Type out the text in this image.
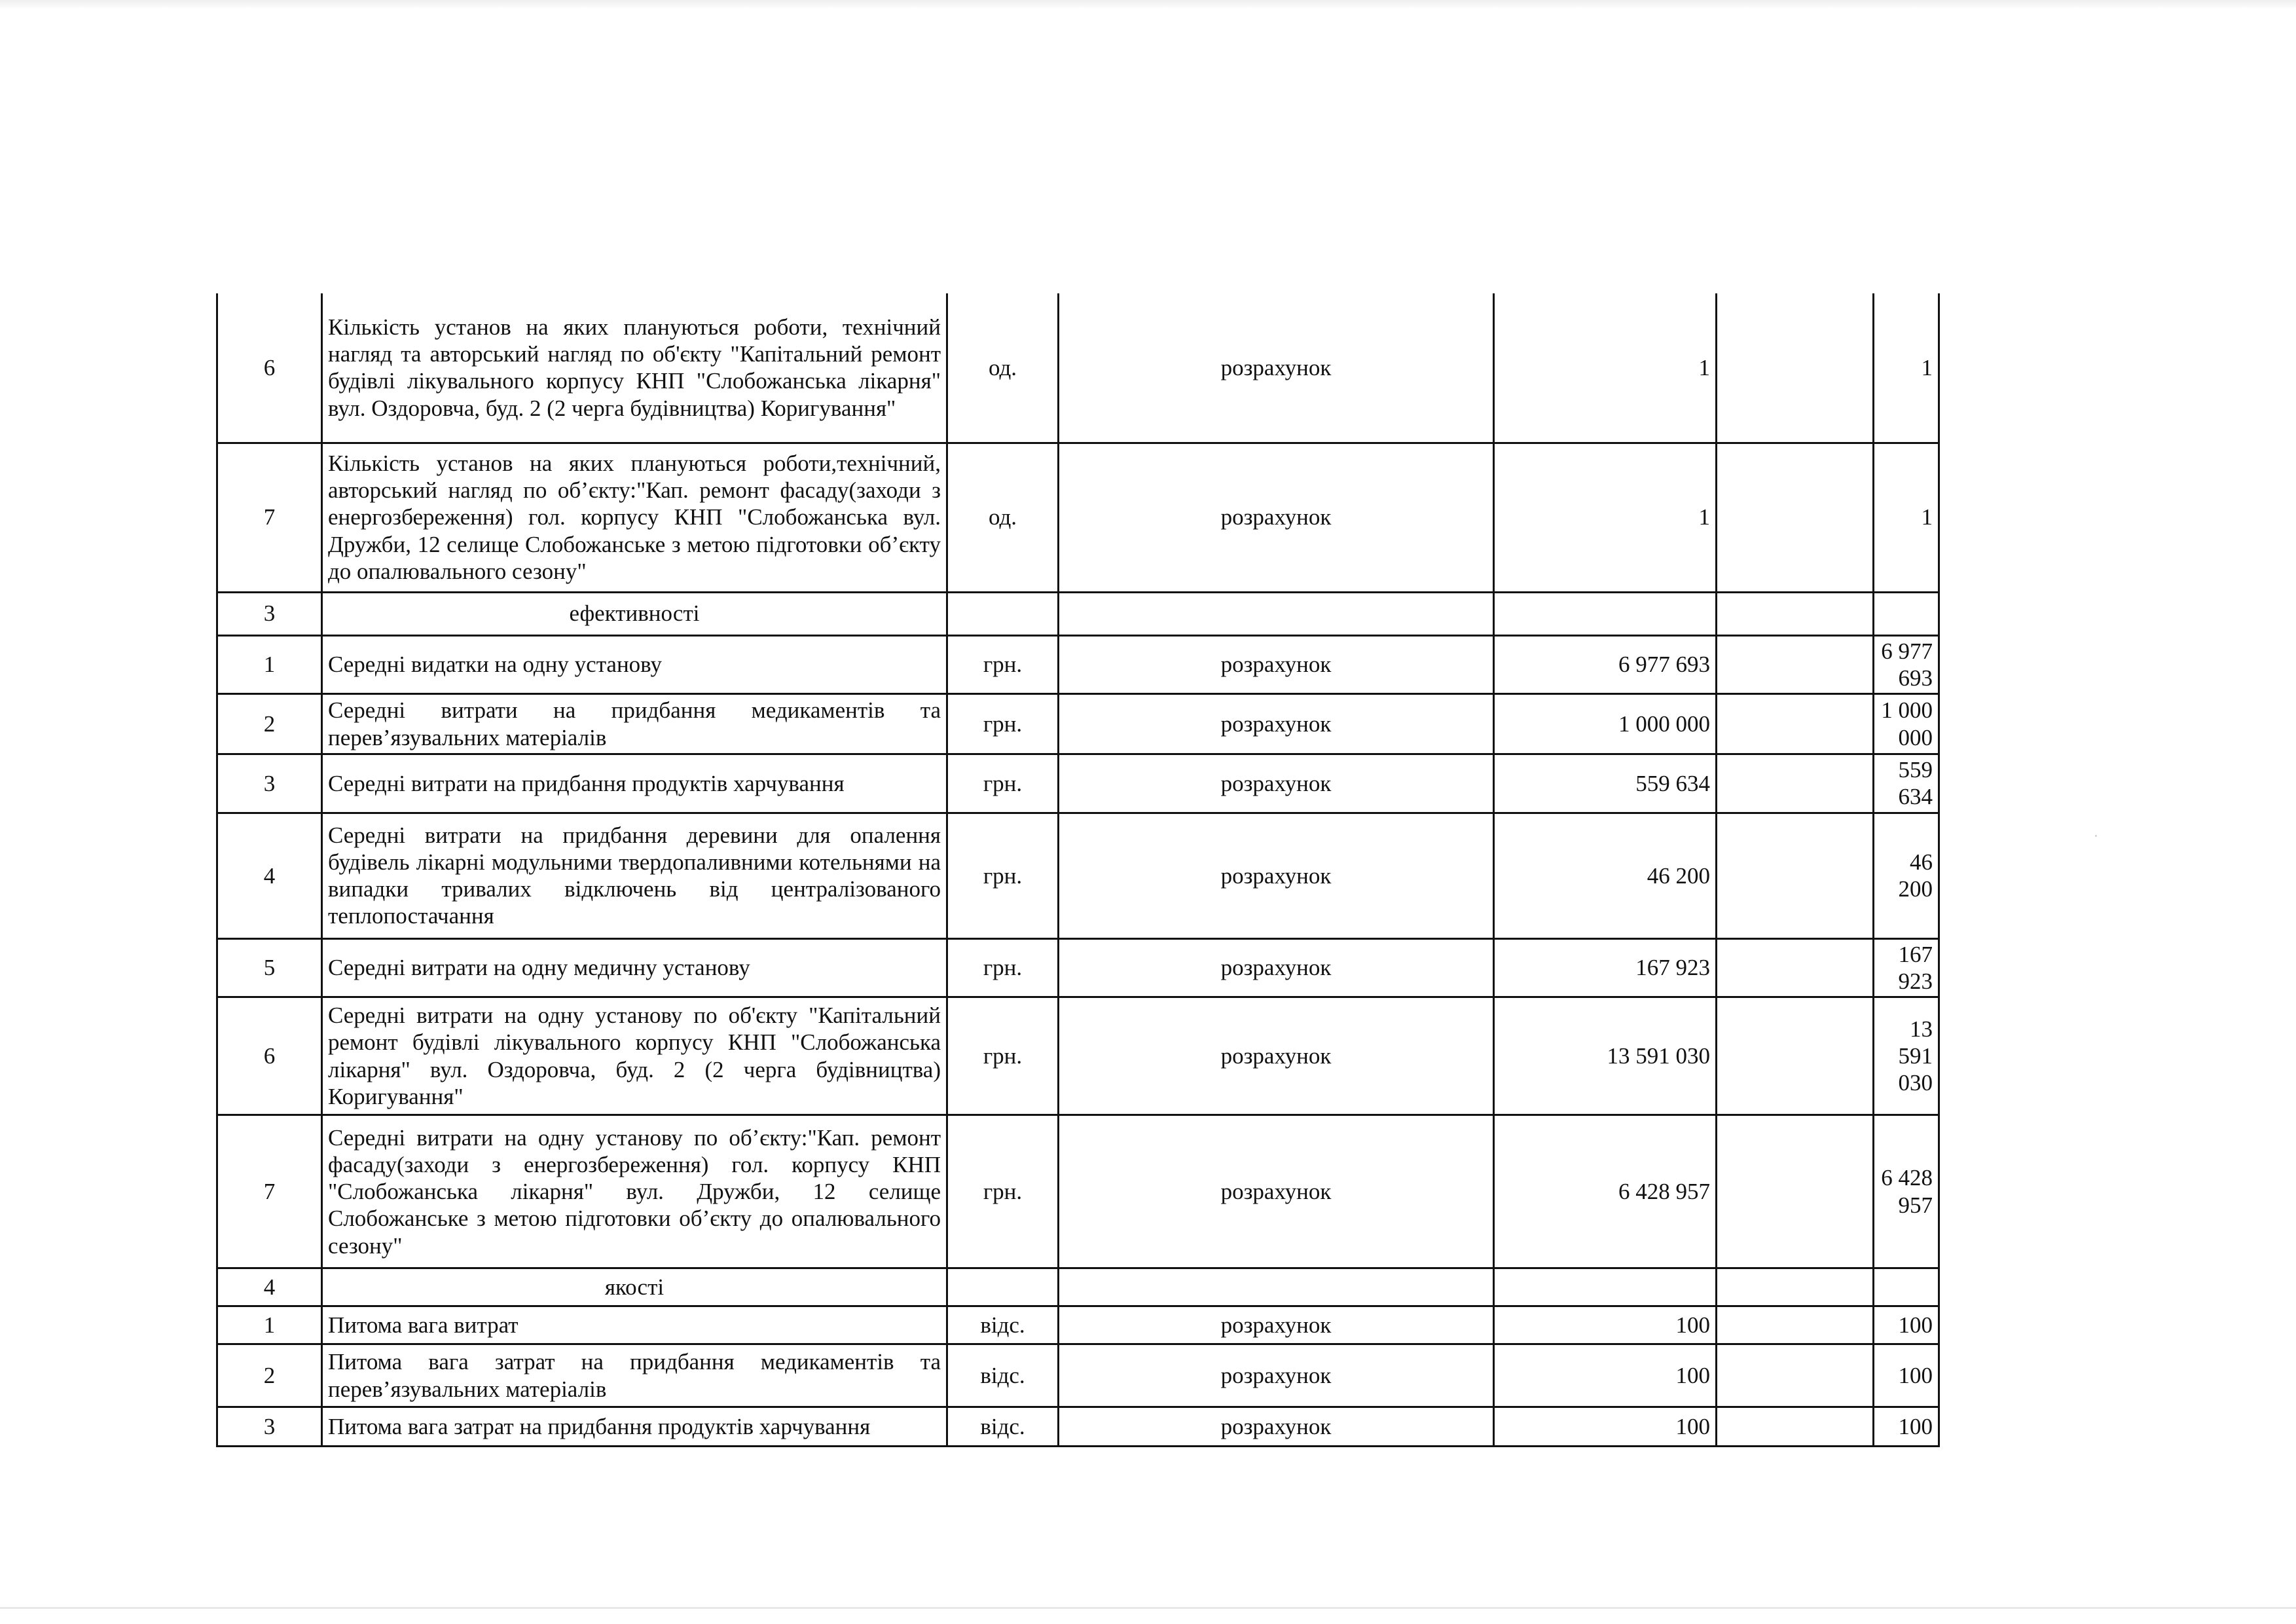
6	Кількість установ на яких плануються роботи, технічний нагляд та авторський нагляд по об'єкту "Капітальний ремонт будівлі лікувального корпусу КНП "Слобожанська лікарня" вул. Оздоровча, буд. 2 (2 черга будівництва) Коригування"	од.	розрахунок	1		1
7	Кількість установ на яких плануються роботи,технічний, авторський нагляд по об’єкту:"Кап. ремонт фасаду(заходи з енергозбереження) гол. корпусу КНП "Слобожанська вул. Дружби, 12 селище Слобожанське з метою підготовки об’єкту до опалювального сезону"	од.	розрахунок	1		1
3	ефективності					
1	Середні видатки на одну установу	грн.	розрахунок	6 977 693		6 977 693
2	Середні витрати на придбання медикаментів та перев’язувальних матеріалів	грн.	розрахунок	1 000 000		1 000 000
3	Середні витрати на придбання продуктів харчування	грн.	розрахунок	559 634		559 634
4	Середні витрати на придбання деревини для опалення будівель лікарні модульними твердопаливними котельнями на випадки тривалих відключень від централізованого теплопостачання	грн.	розрахунок	46 200		46 200
5	Середні витрати на одну медичну установу	грн.	розрахунок	167 923		167 923
6	Середні витрати на одну установу по об'єкту "Капітальний ремонт будівлі лікувального корпусу КНП "Слобожанська лікарня" вул. Оздоровча, буд. 2 (2 черга будівництва) Коригування"	грн.	розрахунок	13 591 030		13 591 030
7	Середні витрати на одну установу по об’єкту:"Кап. ремонт фасаду(заходи з енергозбереження) гол. корпусу КНП "Слобожанська лікарня" вул. Дружби, 12 селище Слобожанське з метою підготовки об’єкту до опалювального сезону"	грн.	розрахунок	6 428 957		6 428 957
4	якості					
1	Питома вага витрат	відс.	розрахунок	100		100
2	Питома вага затрат на придбання медикаментів та перев’язувальних матеріалів	відс.	розрахунок	100		100
3	Питома вага затрат на придбання продуктів харчування	відс.	розрахунок	100		100
